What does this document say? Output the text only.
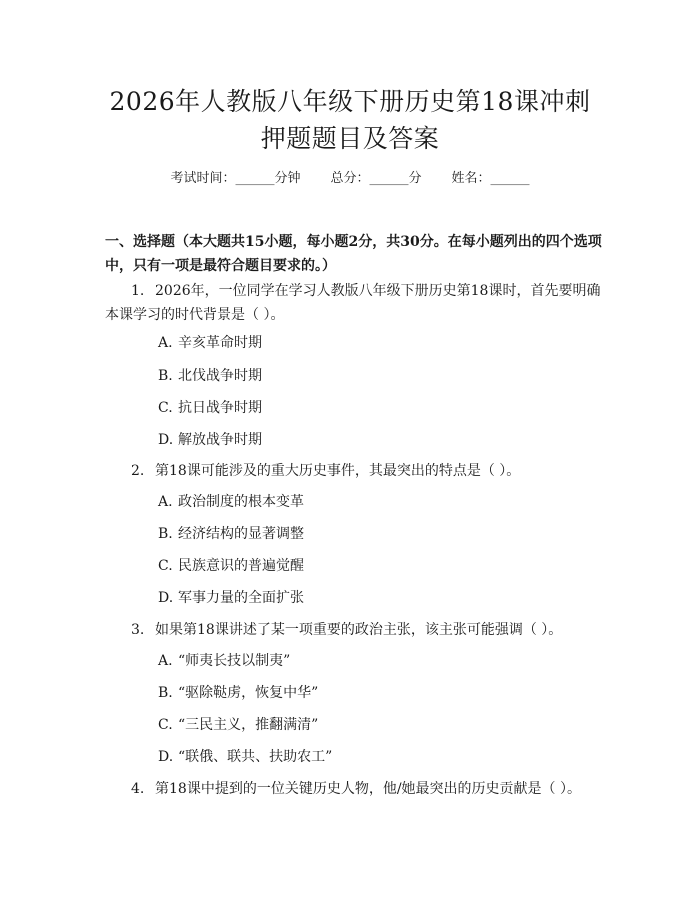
2026年人教版八年级下册历史第18课冲刺
押题题目及答案
考试时间：______分钟 总分：______分 姓名：______
一、选择题（本大题共15小题，每小题2分，共30分。在每小题列出的四个选项中，只有一项是最符合题目要求的。）
1. 2026年，一位同学在学习人教版八年级下册历史第18课时，首先要明确本课学习的时代背景是（ ）。
A. 辛亥革命时期
B. 北伐战争时期
C. 抗日战争时期
D. 解放战争时期
2. 第18课可能涉及的重大历史事件，其最突出的特点是（ ）。
A. 政治制度的根本变革
B. 经济结构的显著调整
C. 民族意识的普遍觉醒
D. 军事力量的全面扩张
3. 如果第18课讲述了某一项重要的政治主张，该主张可能强调（ ）。
A. “师夷长技以制夷”
B. “驱除鞑虏，恢复中华”
C. “三民主义，推翻满清”
D. “联俄、联共、扶助农工”
4. 第18课中提到的一位关键历史人物，他/她最突出的历史贡献是（ ）。
